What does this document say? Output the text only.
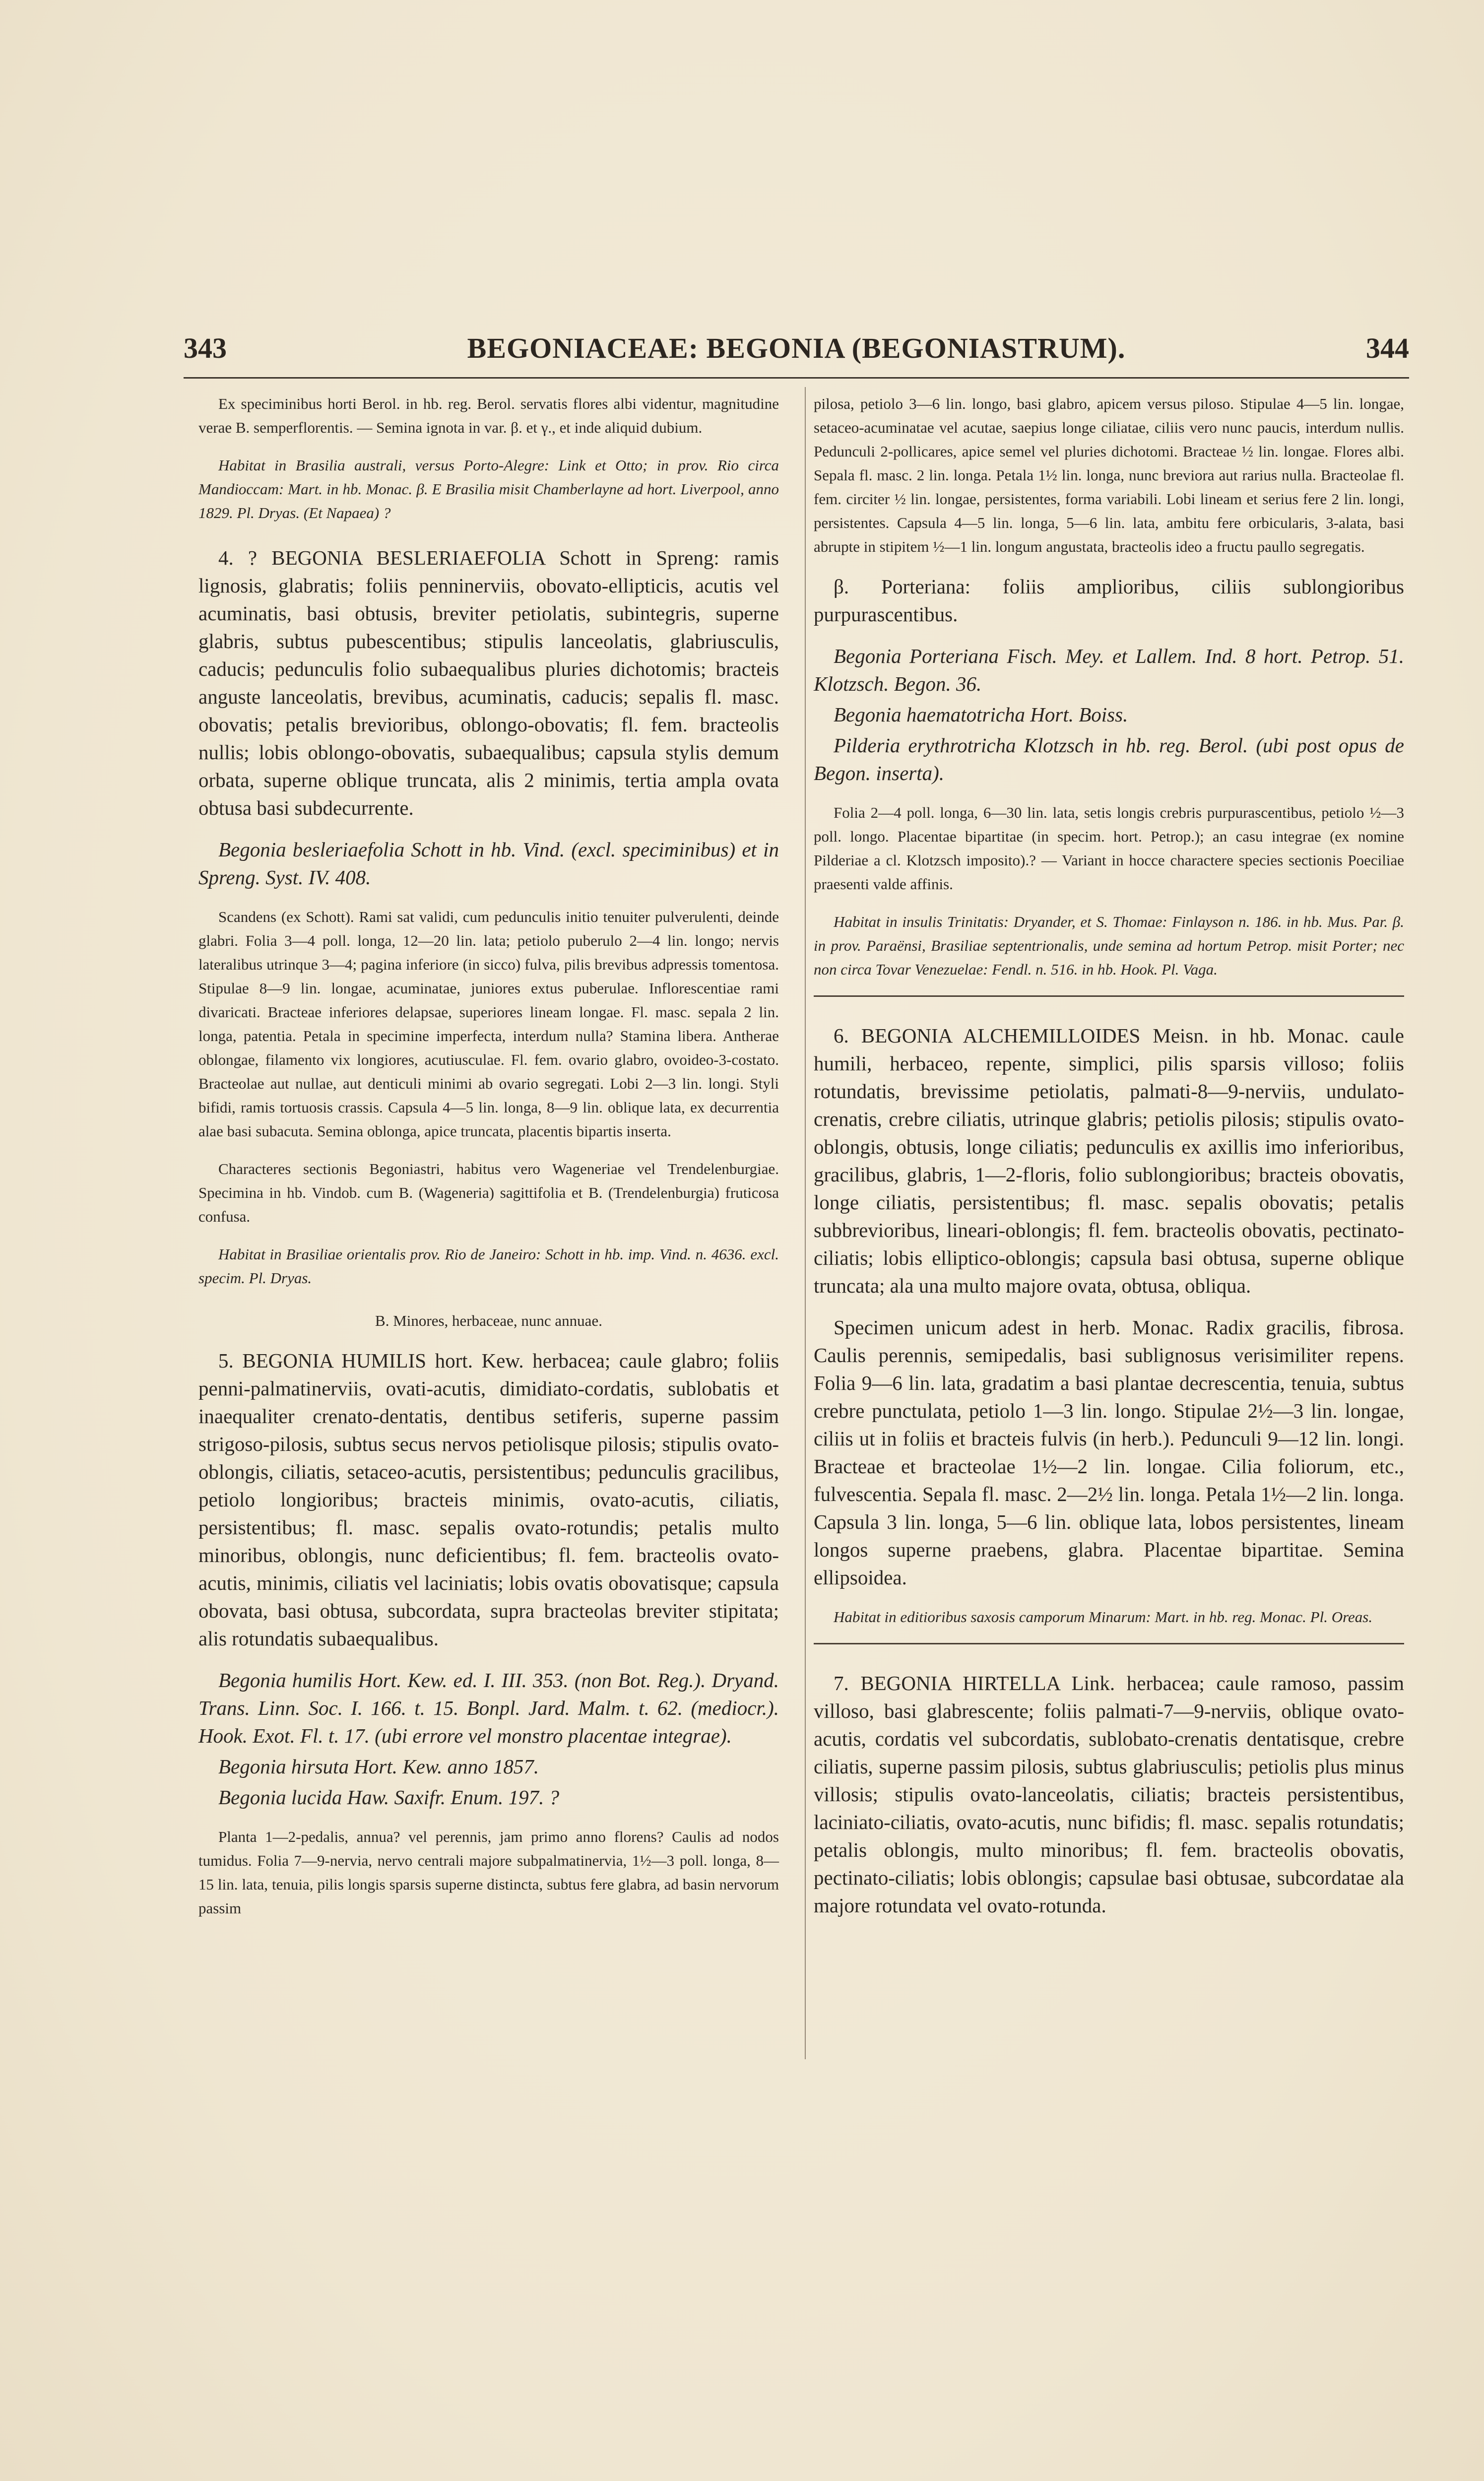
343	BEGONIACEAE: BEGONIA (BEGONIASTRUM).	344

Ex speciminibus horti Berol. in hb. reg. Berol. servatis flores albi videntur, magnitudine verae B. semperflorentis. — Semina ignota in var. β. et γ., et inde aliquid dubium.

Habitat in Brasilia australi, versus Porto-Alegre: Link et Otto; in prov. Rio circa Mandioccam: Mart. in hb. Monac. β. E Brasilia misit Chamberlayne ad hort. Liverpool, anno 1829. Pl. Dryas. (Et Napaea) ?

4. ? BEGONIA BESLERIAEFOLIA Schott in Spreng: ramis lignosis, glabratis; foliis penninerviis, obovato-ellipticis, acutis vel acuminatis, basi obtusis, breviter petiolatis, subintegris, superne glabris, subtus pubescentibus; stipulis lanceolatis, glabriusculis, caducis; pedunculis folio subaequalibus pluries dichotomis; bracteis anguste lanceolatis, brevibus, acuminatis, caducis; sepalis fl. masc. obovatis; petalis brevioribus, oblongo-obovatis; fl. fem. bracteolis nullis; lobis oblongo-obovatis, subaequalibus; capsula stylis demum orbata, superne oblique truncata, alis 2 minimis, tertia ampla ovata obtusa basi subdecurrente.

Begonia besleriaefolia Schott in hb. Vind. (excl. speciminibus) et in Spreng. Syst. IV. 408.

Scandens (ex Schott). Rami sat validi, cum pedunculis initio tenuiter pulverulenti, deinde glabri. Folia 3—4 poll. longa, 12—20 lin. lata; petiolo puberulo 2—4 lin. longo; nervis lateralibus utrinque 3—4; pagina inferiore (in sicco) fulva, pilis brevibus adpressis tomentosa. Stipulae 8—9 lin. longae, acuminatae, juniores extus puberulae. Inflorescentiae rami divaricati. Bracteae inferiores delapsae, superiores lineam longae. Fl. masc. sepala 2 lin. longa, patentia. Petala in specimine imperfecta, interdum nulla? Stamina libera. Antherae oblongae, filamento vix longiores, acutiusculae. Fl. fem. ovario glabro, ovoideo-3-costato. Bracteolae aut nullae, aut denticuli minimi ab ovario segregati. Lobi 2—3 lin. longi. Styli bifidi, ramis tortuosis crassis. Capsula 4—5 lin. longa, 8—9 lin. oblique lata, ex decurrentia alae basi subacuta. Semina oblonga, apice truncata, placentis bipartis inserta.

Characteres sectionis Begoniastri, habitus vero Wageneriae vel Trendelenburgiae. Specimina in hb. Vindob. cum B. (Wageneria) sagittifolia et B. (Trendelenburgia) fruticosa confusa.

Habitat in Brasiliae orientalis prov. Rio de Janeiro: Schott in hb. imp. Vind. n. 4636. excl. specim. Pl. Dryas.

B. Minores, herbaceae, nunc annuae.

5. BEGONIA HUMILIS hort. Kew. herbacea; caule glabro; foliis penni-palmatinerviis, ovati-acutis, dimidiato-cordatis, sublobatis et inaequaliter crenato-dentatis, dentibus setiferis, superne passim strigoso-pilosis, subtus secus nervos petiolisque pilosis; stipulis ovato-oblongis, ciliatis, setaceo-acutis, persistentibus; pedunculis gracilibus, petiolo longioribus; bracteis minimis, ovato-acutis, ciliatis, persistentibus; fl. masc. sepalis ovato-rotundis; petalis multo minoribus, oblongis, nunc deficientibus; fl. fem. bracteolis ovato-acutis, minimis, ciliatis vel laciniatis; lobis ovatis obovatisque; capsula obovata, basi obtusa, subcordata, supra bracteolas breviter stipitata; alis rotundatis subaequalibus.

Begonia humilis Hort. Kew. ed. I. III. 353. (non Bot. Reg.). Dryand. Trans. Linn. Soc. I. 166. t. 15. Bonpl. Jard. Malm. t. 62. (mediocr.). Hook. Exot. Fl. t. 17. (ubi errore vel monstro placentae integrae).

Begonia hirsuta Hort. Kew. anno 1857.

Begonia lucida Haw. Saxifr. Enum. 197. ?

Planta 1—2-pedalis, annua? vel perennis, jam primo anno florens? Caulis ad nodos tumidus. Folia 7—9-nervia, nervo centrali majore subpalmatinervia, 1½—3 poll. longa, 8—15 lin. lata, tenuia, pilis longis sparsis superne distincta, subtus fere glabra, ad basin nervorum passim

pilosa, petiolo 3—6 lin. longo, basi glabro, apicem versus piloso. Stipulae 4—5 lin. longae, setaceo-acuminatae vel acutae, saepius longe ciliatae, ciliis vero nunc paucis, interdum nullis. Pedunculi 2-pollicares, apice semel vel pluries dichotomi. Bracteae ½ lin. longae. Flores albi. Sepala fl. masc. 2 lin. longa. Petala 1½ lin. longa, nunc breviora aut rarius nulla. Bracteolae fl. fem. circiter ½ lin. longae, persistentes, forma variabili. Lobi lineam et serius fere 2 lin. longi, persistentes. Capsula 4—5 lin. longa, 5—6 lin. lata, ambitu fere orbicularis, 3-alata, basi abrupte in stipitem ½—1 lin. longum angustata, bracteolis ideo a fructu paullo segregatis.

β. Porteriana: foliis amplioribus, ciliis sublongioribus purpurascentibus.

Begonia Porteriana Fisch. Mey. et Lallem. Ind. 8 hort. Petrop. 51. Klotzsch. Begon. 36.

Begonia haematotricha Hort. Boiss.

Pilderia erythrotricha Klotzsch in hb. reg. Berol. (ubi post opus de Begon. inserta).

Folia 2—4 poll. longa, 6—30 lin. lata, setis longis crebris purpurascentibus, petiolo ½—3 poll. longo. Placentae bipartitae (in specim. hort. Petrop.); an casu integrae (ex nomine Pilderiae a cl. Klotzsch imposito).? — Variant in hocce charactere species sectionis Poeciliae praesenti valde affinis.

Habitat in insulis Trinitatis: Dryander, et S. Thomae: Finlayson n. 186. in hb. Mus. Par. β. in prov. Paraënsi, Brasiliae septentrionalis, unde semina ad hortum Petrop. misit Porter; nec non circa Tovar Venezuelae: Fendl. n. 516. in hb. Hook. Pl. Vaga.

6. BEGONIA ALCHEMILLOIDES Meisn. in hb. Monac. caule humili, herbaceo, repente, simplici, pilis sparsis villoso; foliis rotundatis, brevissime petiolatis, palmati-8—9-nerviis, undulato-crenatis, crebre ciliatis, utrinque glabris; petiolis pilosis; stipulis ovato-oblongis, obtusis, longe ciliatis; pedunculis ex axillis imo inferioribus, gracilibus, glabris, 1—2-floris, folio sublongioribus; bracteis obovatis, longe ciliatis, persistentibus; fl. masc. sepalis obovatis; petalis subbrevioribus, lineari-oblongis; fl. fem. bracteolis obovatis, pectinato-ciliatis; lobis elliptico-oblongis; capsula basi obtusa, superne oblique truncata; ala una multo majore ovata, obtusa, obliqua.

Specimen unicum adest in herb. Monac. Radix gracilis, fibrosa. Caulis perennis, semipedalis, basi sublignosus verisimiliter repens. Folia 9—6 lin. lata, gradatim a basi plantae decrescentia, tenuia, subtus crebre punctulata, petiolo 1—3 lin. longo. Stipulae 2½—3 lin. longae, ciliis ut in foliis et bracteis fulvis (in herb.). Pedunculi 9—12 lin. longi. Bracteae et bracteolae 1½—2 lin. longae. Cilia foliorum, etc., fulvescentia. Sepala fl. masc. 2—2½ lin. longa. Petala 1½—2 lin. longa. Capsula 3 lin. longa, 5—6 lin. oblique lata, lobos persistentes, lineam longos superne praebens, glabra. Placentae bipartitae. Semina ellipsoidea.

Habitat in editioribus saxosis camporum Minarum: Mart. in hb. reg. Monac. Pl. Oreas.

7. BEGONIA HIRTELLA Link. herbacea; caule ramoso, passim villoso, basi glabrescente; foliis palmati-7—9-nerviis, oblique ovato-acutis, cordatis vel subcordatis, sublobato-crenatis dentatisque, crebre ciliatis, superne passim pilosis, subtus glabriusculis; petiolis plus minus villosis; stipulis ovato-lanceolatis, ciliatis; bracteis persistentibus, laciniato-ciliatis, ovato-acutis, nunc bifidis; fl. masc. sepalis rotundatis; petalis oblongis, multo minoribus; fl. fem. bracteolis obovatis, pectinato-ciliatis; lobis oblongis; capsulae basi obtusae, subcordatae ala majore rotundata vel ovato-rotunda.
